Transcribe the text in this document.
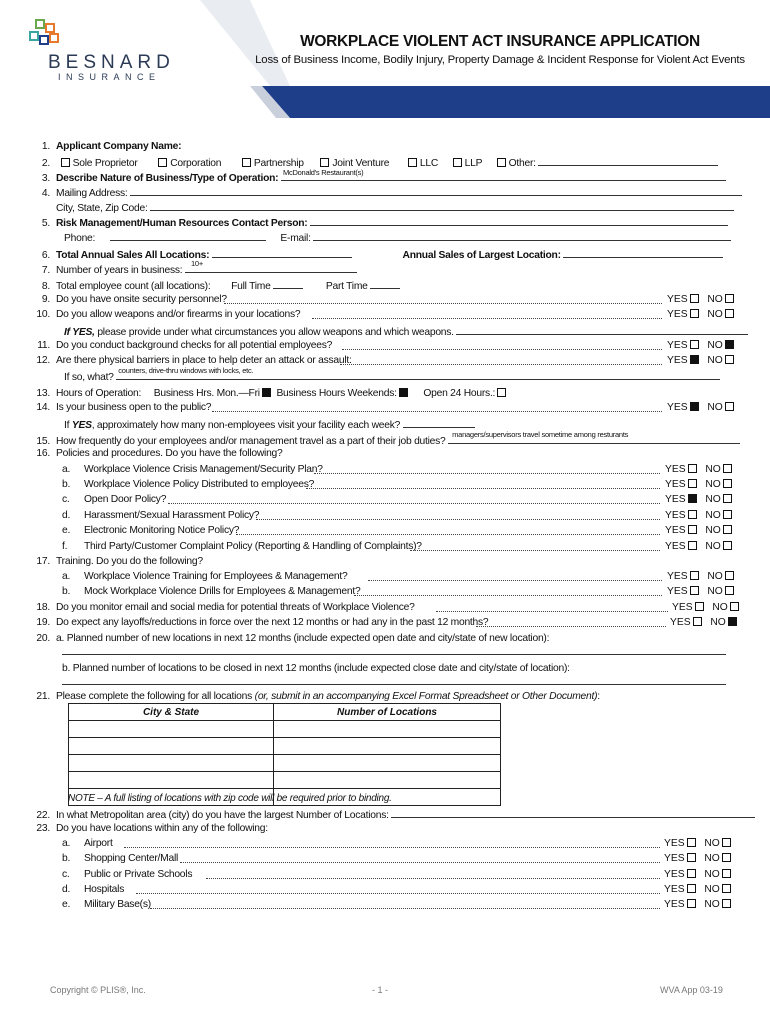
BESNARD
INSURANCE
WORKPLACE VIOLENT ACT INSURANCE APPLICATION
Loss of Business Income, Bodily Injury, Property Damage & Incident Response for Violent Act Events
1. Applicant Company Name:
2. Sole Proprietor	Corporation	Partnership	Joint Venture	LLC	LLP	Other:
3. Describe Nature of Business/Type of Operation:
McDonald's Restaurant(s)
4. Mailing Address:
City, State, Zip Code:
5. Risk Management/Human Resources Contact Person:
Phone:	E-mail:
6. Total Annual Sales All Locations:	Annual Sales of Largest Location:
7. Number of years in business:
10+
8. Total employee count (all locations): Full Time	Part Time
9. Do you have onsite security personnel?	YES NO
10. Do you allow weapons and/or firearms in your locations?	YES NO
If YES, please provide under what circumstances you allow weapons and which weapons.
11. Do you conduct background checks for all potential employees?	YES NO
12. Are there physical barriers in place to help deter an attack or assault:	YES NO
If so, what?
counters, drive-thru windows with locks, etc.
13. Hours of Operation: Business Hrs. Mon.—Fri Business Hours Weekends:	Open 24 Hours.:
14. Is your business open to the public?	YES NO
If YES, approximately how many non-employees visit your facility each week?
15. How frequently do your employees and/or management travel as a part of their job duties?
managers/supervisors travel sometime among resturants
16. Policies and procedures. Do you have the following?
a. Workplace Violence Crisis Management/Security Plan?	YES NO
b. Workplace Violence Policy Distributed to employees?	YES NO
c. Open Door Policy?	YES NO
d. Harassment/Sexual Harassment Policy?	YES NO
e. Electronic Monitoring Notice Policy?	YES NO
f. Third Party/Customer Complaint Policy (Reporting & Handling of Complaints)?	YES NO
17. Training. Do you do the following?
a. Workplace Violence Training for Employees & Management?	YES NO
b. Mock Workplace Violence Drills for Employees & Management?	YES NO
18. Do you monitor email and social media for potential threats of Workplace Violence?	YES NO
19. Do expect any layoffs/reductions in force over the next 12 months or had any in the past 12 months?	YES NO
20. a. Planned number of new locations in next 12 months (include expected open date and city/state of new location):
b. Planned number of locations to be closed in next 12 months (include expected close date and city/state of location):
21. Please complete the following for all locations (or, submit in an accompanying Excel Format Spreadsheet or Other Document):
City & State	Number of Locations

NOTE – A full listing of locations with zip code will be required prior to binding.
22. In what Metropolitan area (city) do you have the largest Number of Locations:
23. Do you have locations within any of the following:
a. Airport	YES NO
b. Shopping Center/Mall	YES NO
c. Public or Private Schools	YES NO
d. Hospitals	YES NO
e. Military Base(s)	YES NO
Copyright © PLIS®, Inc.	- 1 -	WVA App 03-19
